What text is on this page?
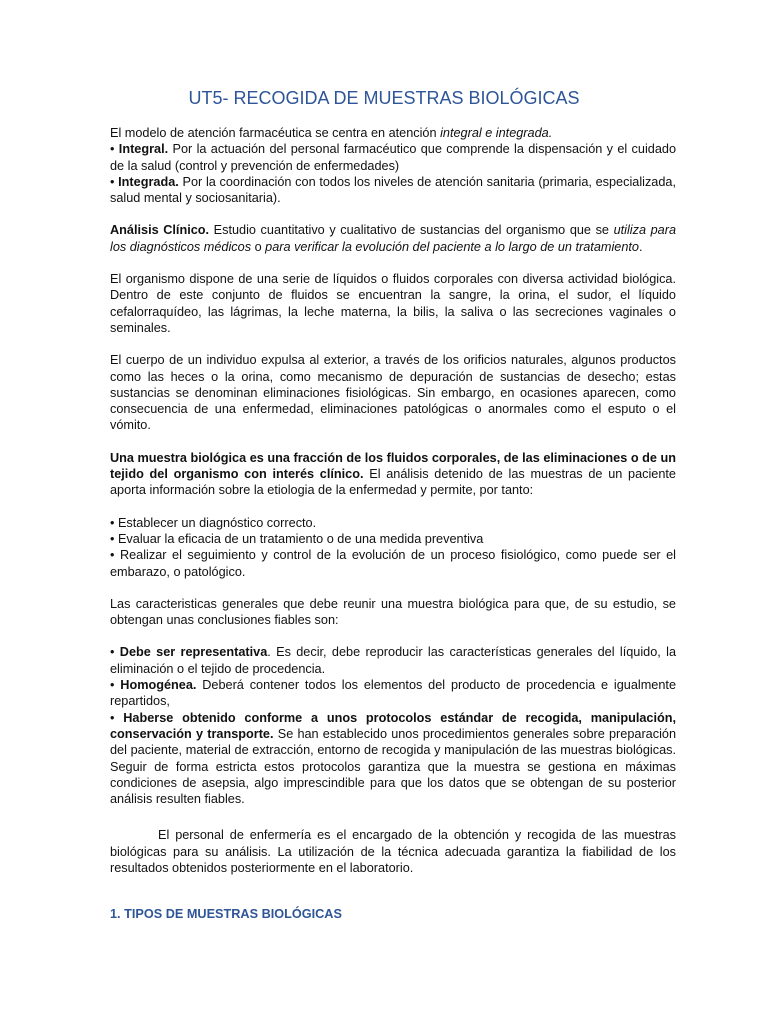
UT5- RECOGIDA DE MUESTRAS BIOLÓGICAS

El modelo de atención farmacéutica se centra en atención integral e integrada.

• Integral. Por la actuación del personal farmacéutico que comprende la dispensación y el cuidado de la salud (control y prevención de enfermedades)

• Integrada. Por la coordinación con todos los niveles de atención sanitaria (primaria, especializada, salud mental y sociosanitaria).

Análisis Clínico. Estudio cuantitativo y cualitativo de sustancias del organismo que se utiliza para los diagnósticos médicos o para verificar la evolución del paciente a lo largo de un tratamiento.

El organismo dispone de una serie de líquidos o fluidos corporales con diversa actividad biológica. Dentro de este conjunto de fluidos se encuentran la sangre, la orina, el sudor, el líquido cefalorraquídeo, las lágrimas, la leche materna, la bilis, la saliva o las secreciones vaginales o seminales.

El cuerpo de un individuo expulsa al exterior, a través de los orificios naturales, algunos productos como las heces o la orina, como mecanismo de depuración de sustancias de desecho; estas sustancias se denominan eliminaciones fisiológicas. Sin embargo, en ocasiones aparecen, como consecuencia de una enfermedad, eliminaciones patológicas o anormales como el esputo o el vómito.

Una muestra biológica es una fracción de los fluidos corporales, de las eliminaciones o de un tejido del organismo con interés clínico. El análisis detenido de las muestras de un paciente aporta información sobre la etiologia de la enfermedad y permite, por tanto:

• Establecer un diagnóstico correcto.

• Evaluar la eficacia de un tratamiento o de una medida preventiva

• Realizar el seguimiento y control de la evolución de un proceso fisiológico, como puede ser el embarazo, o patológico.

Las caracteristicas generales que debe reunir una muestra biológica para que, de su estudio, se obtengan unas conclusiones fiables son:

• Debe ser representativa. Es decir, debe reproducir las características generales del líquido, la eliminación o el tejido de procedencia.

• Homogénea. Deberá contener todos los elementos del producto de procedencia e igualmente repartidos,

• Haberse obtenido conforme a unos protocolos estándar de recogida, manipulación, conservación y transporte. Se han establecido unos procedimientos generales sobre preparación del paciente, material de extracción, entorno de recogida y manipulación de las muestras biológicas. Seguir de forma estricta estos protocolos garantiza que la muestra se gestiona en máximas condiciones de asepsia, algo imprescindible para que los datos que se obtengan de su posterior análisis resulten fiables.

El personal de enfermería es el encargado de la obtención y recogida de las muestras biológicas para su análisis. La utilización de la técnica adecuada garantiza la fiabilidad de los resultados obtenidos posteriormente en el laboratorio.

1. TIPOS DE MUESTRAS BIOLÓGICAS
